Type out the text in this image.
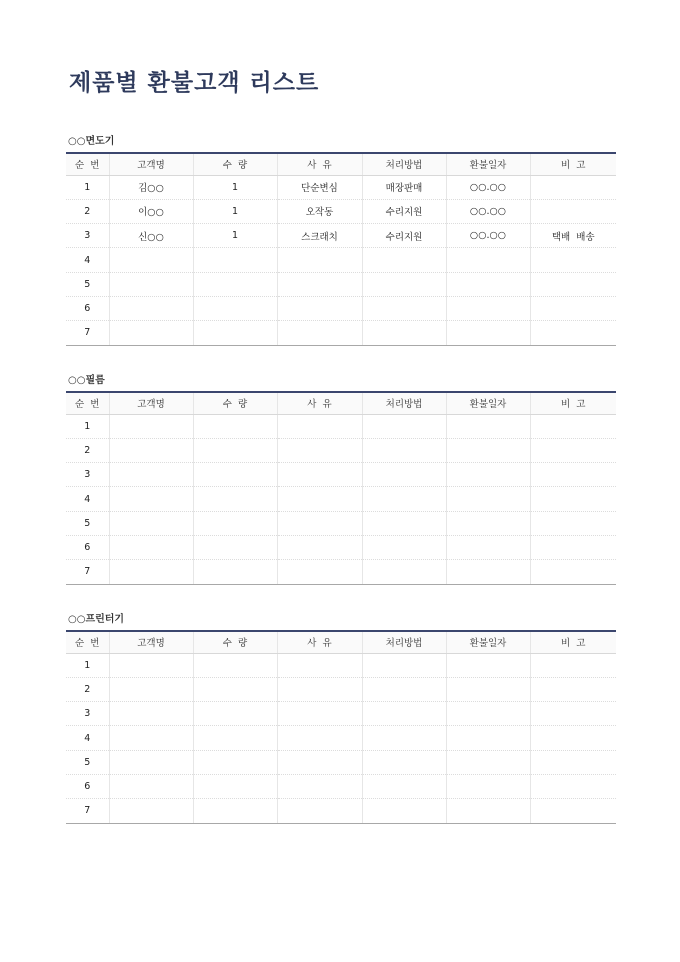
제품별 환불고객 리스트
○○면도기
순  번	고객명	수  량	사  유	처리방법	환불일자	비  고
1	김○○	1	단순변심	매장판매	○○.○○	
2	이○○	1	오작동	수리지원	○○.○○	
3	신○○	1	스크래치	수리지원	○○.○○	택배  배송
4						
5						
6						
7						
○○필름
순  번	고객명	수  량	사  유	처리방법	환불일자	비  고
1						
2						
3						
4						
5						
6						
7						
○○프린터기
순  번	고객명	수  량	사  유	처리방법	환불일자	비  고
1						
2						
3						
4						
5						
6						
7						
